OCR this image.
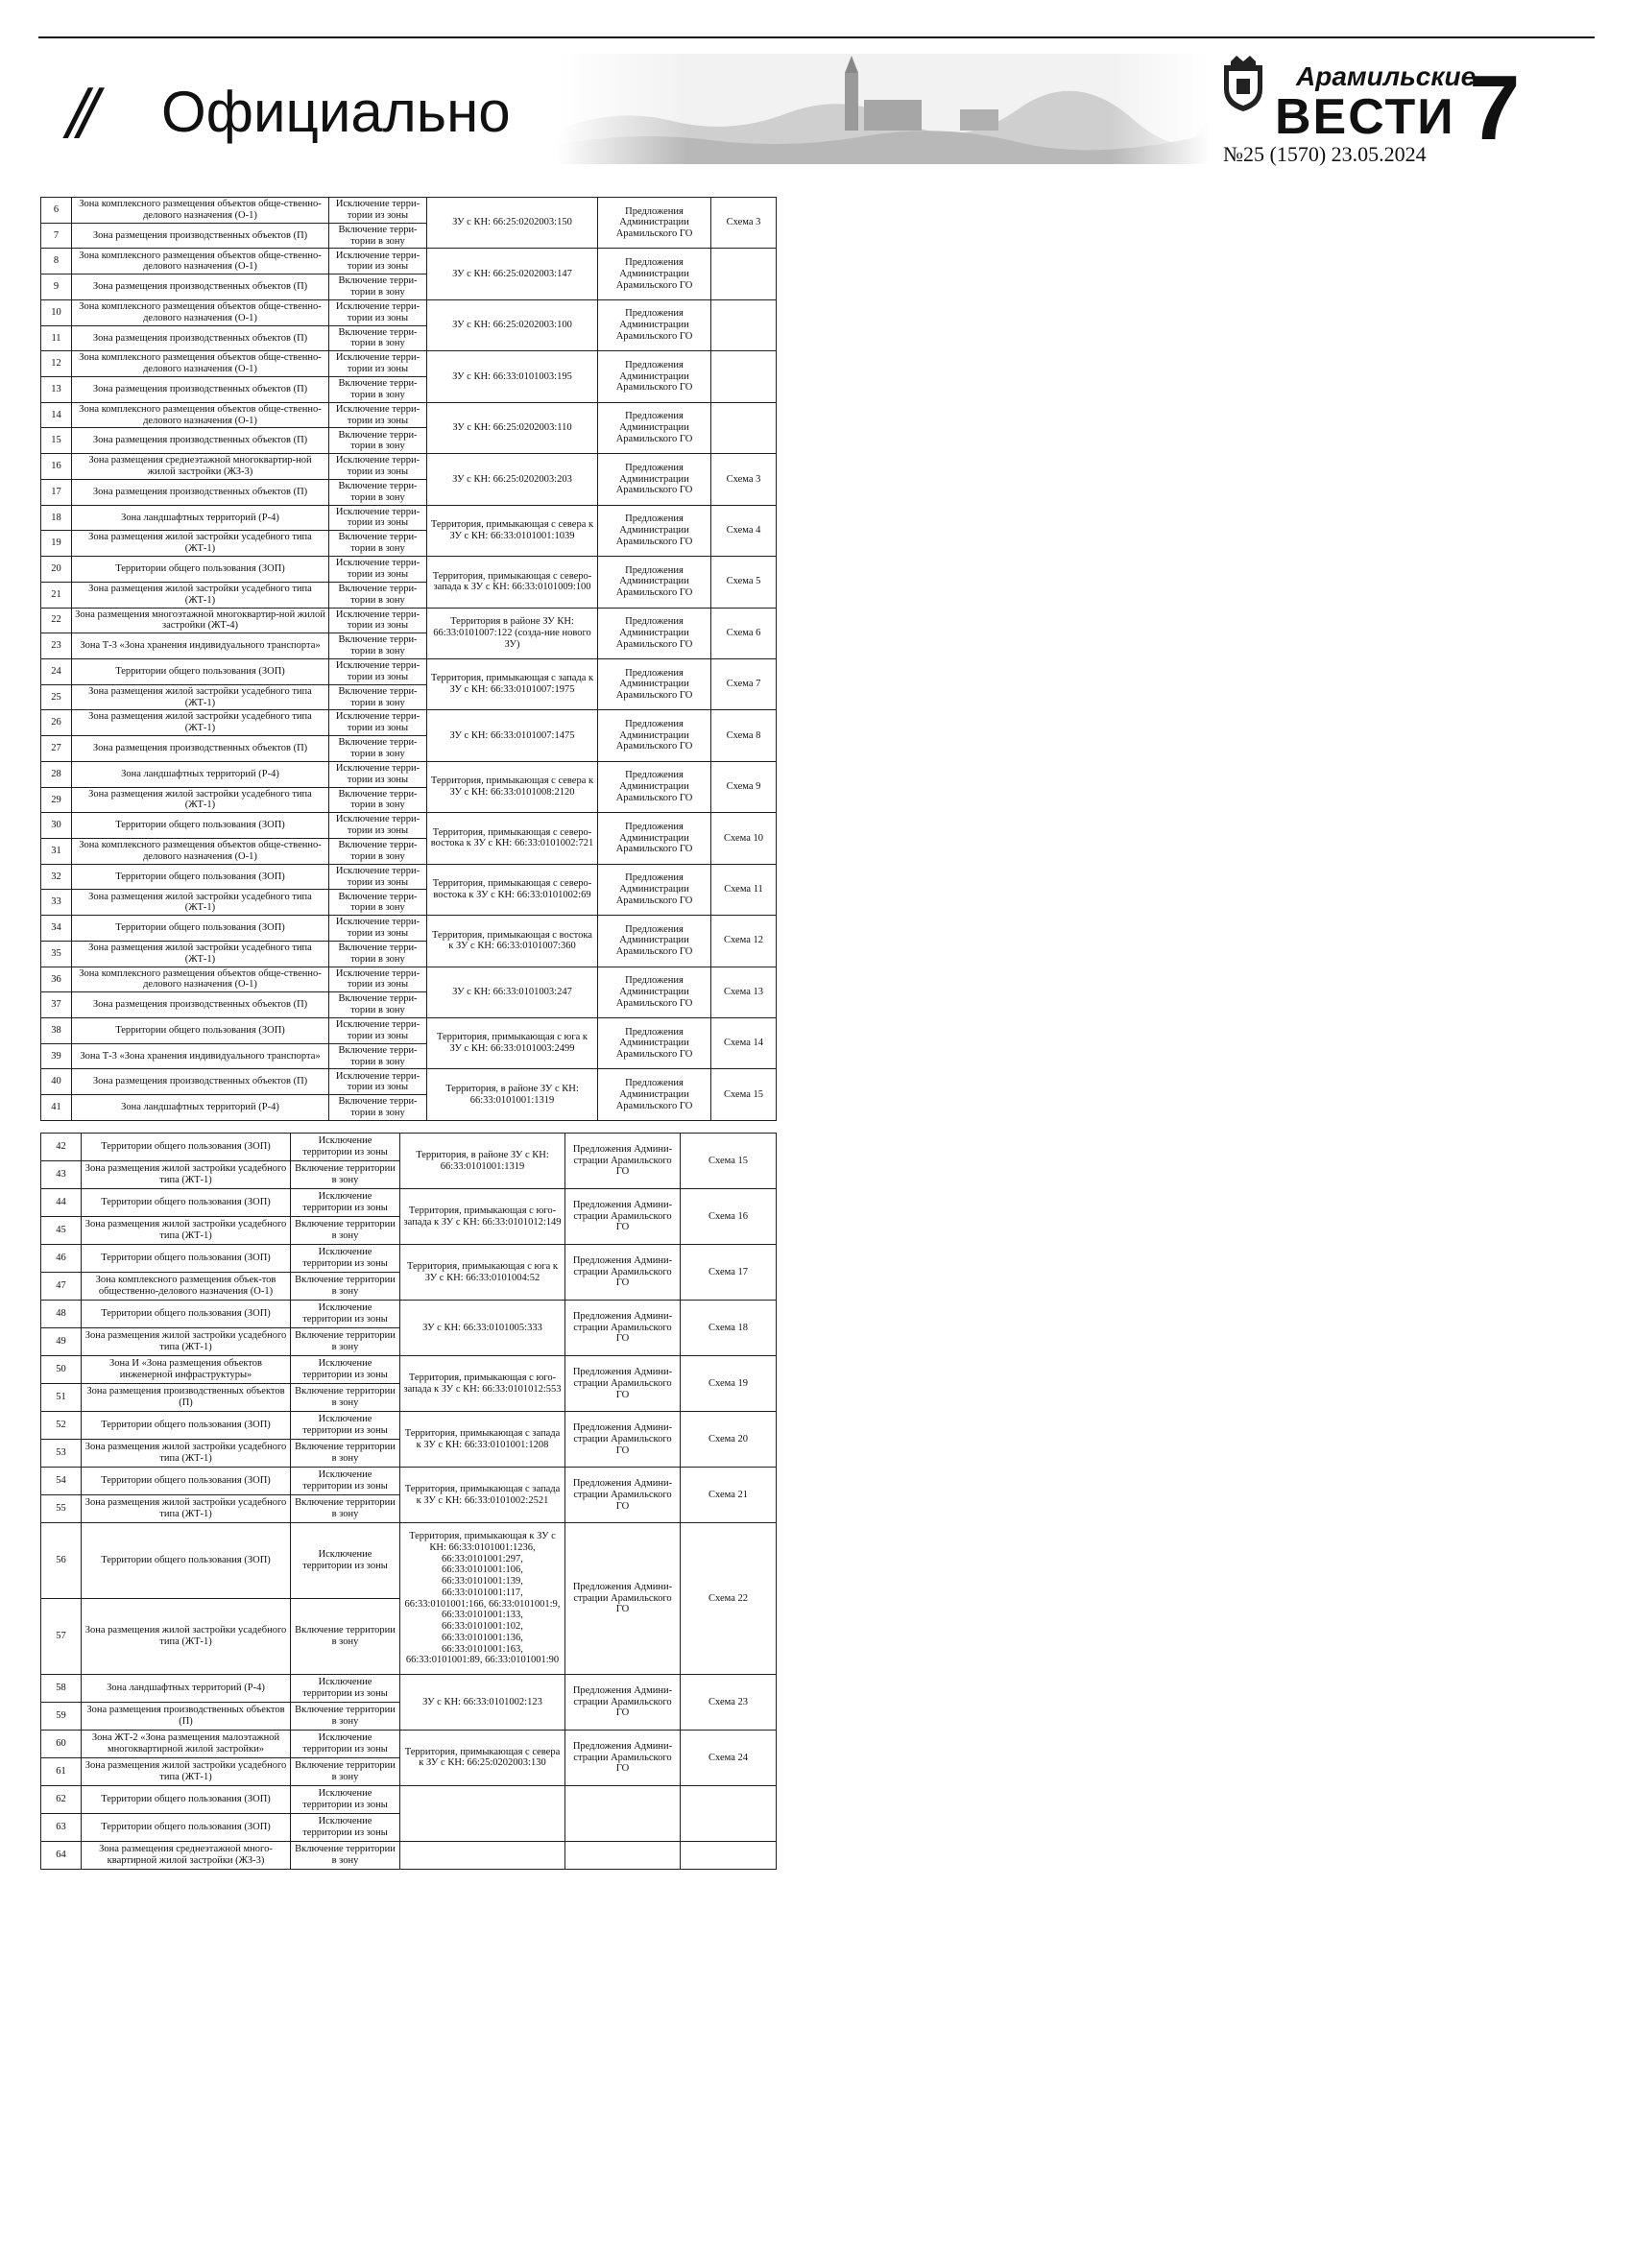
// Официально
Арамильские
ВЕСТИ
№25 (1570) 23.05.2024 7
6	Зона комплексного размещения объектов обще-ственно-делового назначения (О-1)	Исключение терри-тории из зоны	ЗУ с КН: 66:25:0202003:150	Предложения Администрации Арамильского ГО	Схема 3
7	Зона размещения производственных объектов (П)	Включение терри-тории в зону			
8	Зона комплексного размещения объектов обще-ственно-делового назначения (О-1)	Исключение терри-тории из зоны	ЗУ с КН: 66:25:0202003:147	Предложения Администрации Арамильского ГО	
9	Зона размещения производственных объектов (П)	Включение терри-тории в зону			
10	Зона комплексного размещения объектов обще-ственно-делового назначения (О-1)	Исключение терри-тории из зоны	ЗУ с КН: 66:25:0202003:100	Предложения Администрации Арамильского ГО	
11	Зона размещения производственных объектов (П)	Включение терри-тории в зону			
12	Зона комплексного размещения объектов обще-ственно-делового назначения (О-1)	Исключение терри-тории из зоны	ЗУ с КН: 66:33:0101003:195	Предложения Администрации Арамильского ГО	
13	Зона размещения производственных объектов (П)	Включение терри-тории в зону			
14	Зона комплексного размещения объектов обще-ственно-делового назначения (О-1)	Исключение терри-тории из зоны	ЗУ с КН: 66:25:0202003:110	Предложения Администрации Арамильского ГО	
15	Зона размещения производственных объектов (П)	Включение терри-тории в зону			
16	Зона размещения среднеэтажной многоквартир-ной жилой застройки (ЖЗ-3)	Исключение терри-тории из зоны	ЗУ с КН: 66:25:0202003:203	Предложения Администрации Арамильского ГО	Схема 3
17	Зона размещения производственных объектов (П)	Включение терри-тории в зону			
18	Зона ландшафтных территорий (Р-4)	Исключение терри-тории из зоны	Территория, примыкающая с севера к ЗУ с КН: 66:33:0101001:1039	Предложения Администрации Арамильского ГО	Схема 4
19	Зона размещения жилой застройки усадебного типа (ЖТ-1)	Включение терри-тории в зону			
20	Территории общего пользования (ЗОП)	Исключение терри-тории из зоны	Территория, примыкающая с северо-запада к ЗУ с КН: 66:33:0101009:100	Предложения Администрации Арамильского ГО	Схема 5
21	Зона размещения жилой застройки усадебного типа (ЖТ-1)	Включение терри-тории в зону			
22	Зона размещения многоэтажной многоквартир-ной жилой застройки (ЖТ-4)	Исключение терри-тории из зоны	Территория в районе ЗУ КН: 66:33:0101007:122 (созда-ние нового ЗУ)	Предложения Администрации Арамильского ГО	Схема 6
23	Зона Т-3 «Зона хранения индивидуального транспорта»	Включение терри-тории в зону			
24	Территории общего пользования (ЗОП)	Исключение терри-тории из зоны	Территория, примыкающая с запада к ЗУ с КН: 66:33:0101007:1975	Предложения Администрации Арамильского ГО	Схема 7
25	Зона размещения жилой застройки усадебного типа (ЖТ-1)	Включение терри-тории в зону			
26	Зона размещения жилой застройки усадебного типа (ЖТ-1)	Исключение терри-тории из зоны	ЗУ с КН: 66:33:0101007:1475	Предложения Администрации Арамильского ГО	Схема 8
27	Зона размещения производственных объектов (П)	Включение терри-тории в зону			
28	Зона ландшафтных территорий (Р-4)	Исключение терри-тории из зоны	Территория, примыкающая с севера к ЗУ с КН: 66:33:0101008:2120	Предложения Администрации Арамильского ГО	Схема 9
29	Зона размещения жилой застройки усадебного типа (ЖТ-1)	Включение терри-тории в зону			
30	Территории общего пользования (ЗОП)	Исключение терри-тории из зоны	Территория, примыкающая с северо-востока к ЗУ с КН: 66:33:0101002:721	Предложения Администрации Арамильского ГО	Схема 10
31	Зона комплексного размещения объектов обще-ственно-делового назначения (О-1)	Включение терри-тории в зону			
32	Территории общего пользования (ЗОП)	Исключение терри-тории из зоны	Территория, примыкающая с северо-востока к ЗУ с КН: 66:33:0101002:69	Предложения Администрации Арамильского ГО	Схема 11
33	Зона размещения жилой застройки усадебного типа (ЖТ-1)	Включение терри-тории в зону			
34	Территории общего пользования (ЗОП)	Исключение терри-тории из зоны	Территория, примыкающая с востока к ЗУ с КН: 66:33:0101007:360	Предложения Администрации Арамильского ГО	Схема 12
35	Зона размещения жилой застройки усадебного типа (ЖТ-1)	Включение терри-тории в зону			
36	Зона комплексного размещения объектов обще-ственно-делового назначения (О-1)	Исключение терри-тории из зоны	ЗУ с КН: 66:33:0101003:247	Предложения Администрации Арамильского ГО	Схема 13
37	Зона размещения производственных объектов (П)	Включение терри-тории в зону			
38	Территории общего пользования (ЗОП)	Исключение терри-тории из зоны	Территория, примыкающая с юга к ЗУ с КН: 66:33:0101003:2499	Предложения Администрации Арамильского ГО	Схема 14
39	Зона Т-3 «Зона хранения индивидуального транспорта»	Включение терри-тории в зону			
40	Зона размещения производственных объектов (П)	Исключение терри-тории из зоны	Территория, в районе ЗУ с КН: 66:33:0101001:1319	Предложения Администрации Арамильского ГО	Схема 15
41	Зона ландшафтных территорий (Р-4)	Включение терри-тории в зону			
42	Территории общего пользования (ЗОП)	Исключение территории из зоны	Территория, в районе ЗУ с КН: 66:33:0101001:1319	Предложения Админи-страции Арамильского ГО	Схема 15
43	Зона размещения жилой застройки усадебного типа (ЖТ-1)	Включение территории в зону			
44	Территории общего пользования (ЗОП)	Исключение территории из зоны	Территория, примыкающая с юго-запада к ЗУ с КН: 66:33:0101012:149	Предложения Админи-страции Арамильского ГО	Схема 16
45	Зона размещения жилой застройки усадебного типа (ЖТ-1)	Включение территории в зону			
46	Территории общего пользования (ЗОП)	Исключение территории из зоны	Территория, примыкающая с юга к ЗУ с КН: 66:33:0101004:52	Предложения Админи-страции Арамильского ГО	Схема 17
47	Зона комплексного размещения объек-тов общественно-делового назначения (О-1)	Включение территории в зону			
48	Территории общего пользования (ЗОП)	Исключение территории из зоны	ЗУ с КН: 66:33:0101005:333	Предложения Админи-страции Арамильского ГО	Схема 18
49	Зона размещения жилой застройки усадебного типа (ЖТ-1)	Включение территории в зону			
50	Зона И «Зона размещения объектов инженерной инфраструктуры»	Исключение территории из зоны	Территория, примыкающая с юго-запада к ЗУ с КН: 66:33:0101012:553	Предложения Админи-страции Арамильского ГО	Схема 19
51	Зона размещения производственных объектов (П)	Включение территории в зону			
52	Территории общего пользования (ЗОП)	Исключение территории из зоны	Территория, примыкающая с запада к ЗУ с КН: 66:33:0101001:1208	Предложения Админи-страции Арамильского ГО	Схема 20
53	Зона размещения жилой застройки усадебного типа (ЖТ-1)	Включение территории в зону			
54	Территории общего пользования (ЗОП)	Исключение территории из зоны	Территория, примыкающая с запада к ЗУ с КН: 66:33:0101002:2521	Предложения Админи-страции Арамильского ГО	Схема 21
55	Зона размещения жилой застройки усадебного типа (ЖТ-1)	Включение территории в зону			
56	Территории общего пользования (ЗОП)	Исключение территории из зоны	Территория, примыкающая к ЗУ с КН: 66:33:0101001:1236, 66:33:0101001:297, 66:33:0101001:106, 66:33:0101001:139, 66:33:0101001:117, 66:33:0101001:166, 66:33:0101001:9, 66:33:0101001:133, 66:33:0101001:102, 66:33:0101001:136, 66:33:0101001:163, 66:33:0101001:89, 66:33:0101001:90	Предложения Админи-страции Арамильского ГО	Схема 22
57	Зона размещения жилой застройки усадебного типа (ЖТ-1)	Включение территории в зону			
58	Зона ландшафтных территорий (Р-4)	Исключение территории из зоны	ЗУ с КН: 66:33:0101002:123	Предложения Админи-страции Арамильского ГО	Схема 23
59	Зона размещения производственных объектов (П)	Включение территории в зону			
60	Зона ЖТ-2 «Зона размещения малоэтажной многоквартирной жилой застройки»	Исключение территории из зоны	Территория, примыкающая с севера к ЗУ с КН: 66:25:0202003:130	Предложения Админи-страции Арамильского ГО	Схема 24
61	Зона размещения жилой застройки усадебного типа (ЖТ-1)	Включение территории в зону			
62	Территории общего пользования (ЗОП)	Исключение территории из зоны			
63	Территории общего пользования (ЗОП)	Исключение территории из зоны			
64	Зона размещения среднеэтажной много-квартирной жилой застройки (ЖЗ-3)	Включение территории в зону			
